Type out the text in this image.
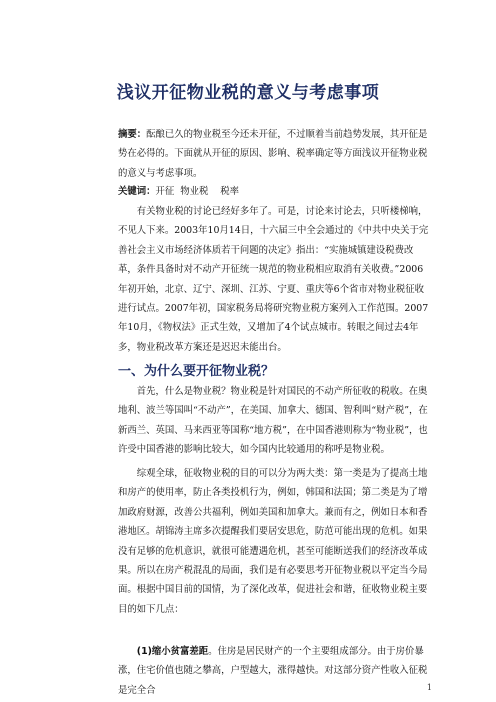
浅议开征物业税的意义与考虑事项
摘要：酝酿已久的物业税至今还未开征，不过顺着当前趋势发展，其开征是势在必得的。下面就从开征的原因、影响、税率确定等方面浅议开征物业税的意义与考虑事项。
关键词：开征  物业税    税率
有关物业税的讨论已经好多年了。可是，讨论来讨论去，只听楼梯响，不见人下来。2003年10月14日，十六届三中全会通过的《中共中央关于完善社会主义市场经济体质若干问题的决定》指出：“实施城镇建设税费改革，条件具备时对不动产开征统一规范的物业税相应取消有关收费。”2006年初开始，北京、辽宁、深圳、江苏、宁夏、重庆等6个省市对物业税征收进行试点。2007年初，国家税务局将研究物业税方案列入工作范围。2007年10月，《物权法》正式生效，又增加了4个试点城市。转眼之间过去4年多，物业税改革方案还是迟迟未能出台。
一、为什么要开征物业税？
首先，什么是物业税？物业税是针对国民的不动产所征收的税收。在奥地利、波兰等国叫“不动产”，在美国、加拿大、德国、智利叫“财产税”，在新西兰、英国、马来西亚等国称“地方税”，在中国香港则称为“物业税”，也许受中国香港的影响比较大，如今国内比较通用的称呼是物业税。
综观全球，征收物业税的目的可以分为两大类：第一类是为了提高土地和房产的使用率，防止各类投机行为，例如，韩国和法国；第二类是为了增加政府财源，改善公共福利，例如美国和加拿大。兼而有之，例如日本和香港地区。胡锦涛主席多次提醒我们要居安思危，防范可能出现的危机。如果没有足够的危机意识，就很可能遭遇危机，甚至可能断送我们的经济改革成果。所以在房产税混乱的局面，我们是有必要思考开征物业税以平定当今局面。根据中国目前的国情，为了深化改革，促进社会和谐，征收物业税主要目的如下几点：
(1)缩小贫富差距。住房是居民财产的一个主要组成部分。由于房价暴涨，住宅价值也随之攀高，户型越大，涨得越快。对这部分资产性收入征税是完全合	1
